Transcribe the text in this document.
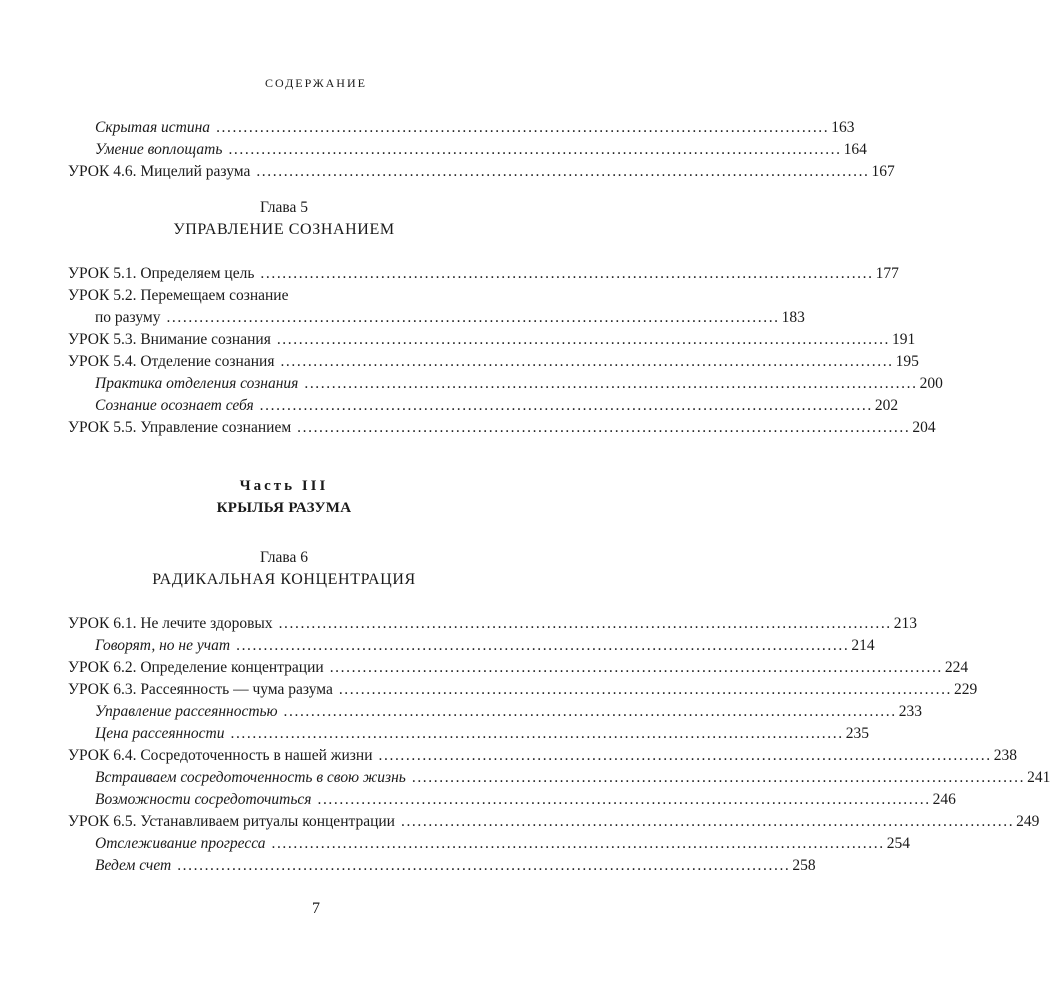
СОДЕРЖАНИЕ
Скрытая истина ................................................................................................................ 163
Умение воплощать ................................................................................................................ 164
УРОК 4.6. Мицелий разума ................................................................................................................ 167
Глава 5
УПРАВЛЕНИЕ СОЗНАНИЕМ
УРОК 5.1. Определяем цель ................................................................................................................ 177
УРОК 5.2. Перемещаем сознание
по разуму ................................................................................................................ 183
УРОК 5.3. Внимание сознания ................................................................................................................ 191
УРОК 5.4. Отделение сознания ................................................................................................................ 195
Практика отделения сознания ................................................................................................................ 200
Сознание осознает себя ................................................................................................................ 202
УРОК 5.5. Управление сознанием ................................................................................................................ 204
Часть III
КРЫЛЬЯ РАЗУМА
Глава 6
РАДИКАЛЬНАЯ КОНЦЕНТРАЦИЯ
УРОК 6.1. Не лечите здоровых ................................................................................................................ 213
Говорят, но не учат ................................................................................................................ 214
УРОК 6.2. Определение концентрации ................................................................................................................ 224
УРОК 6.3. Рассеянность — чума разума ................................................................................................................ 229
Управление рассеянностью ................................................................................................................ 233
Цена рассеянности ................................................................................................................ 235
УРОК 6.4. Сосредоточенность в нашей жизни ................................................................................................................ 238
Встраиваем сосредоточенность в свою жизнь ................................................................................................................ 241
Возможности сосредоточиться ................................................................................................................ 246
УРОК 6.5. Устанавливаем ритуалы концентрации ................................................................................................................ 249
Отслеживание прогресса ................................................................................................................ 254
Ведем счет ................................................................................................................ 258
7
